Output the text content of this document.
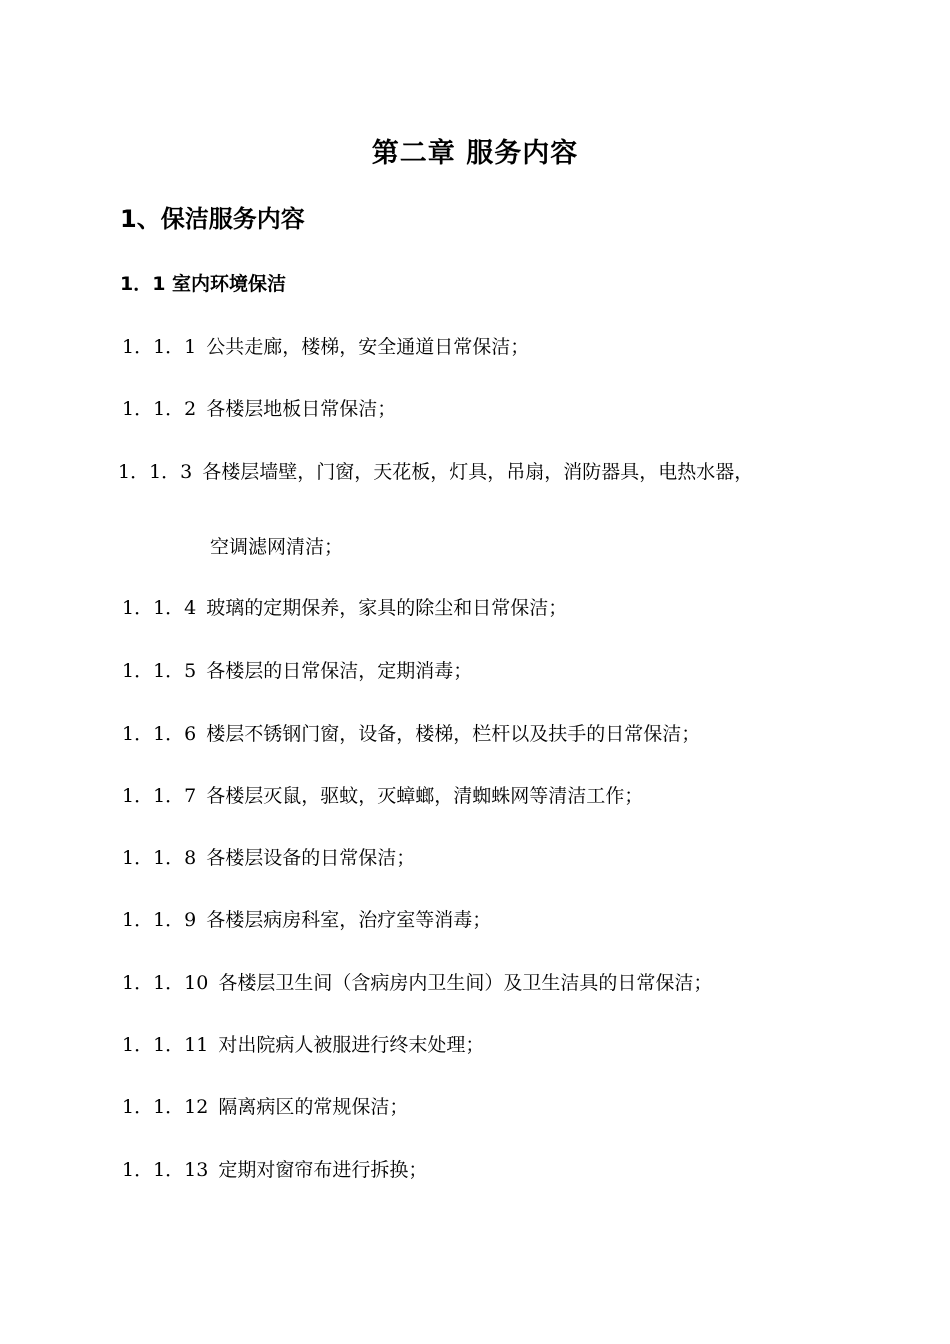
第二章 服务内容
1、保洁服务内容
1．1 室内环境保洁
1．1．1 公共走廊，楼梯，安全通道日常保洁；
1．1．2 各楼层地板日常保洁；
1．1．3 各楼层墙壁，门窗，天花板，灯具，吊扇，消防器具，电热水器，
空调滤网清洁；
1．1．4 玻璃的定期保养，家具的除尘和日常保洁；
1．1．5 各楼层的日常保洁，定期消毒；
1．1．6 楼层不锈钢门窗，设备，楼梯，栏杆以及扶手的日常保洁；
1．1．7 各楼层灭鼠，驱蚊，灭蟑螂，清蜘蛛网等清洁工作；
1．1．8 各楼层设备的日常保洁；
1．1．9 各楼层病房科室，治疗室等消毒；
1．1．10 各楼层卫生间（含病房内卫生间）及卫生洁具的日常保洁；
1．1．11 对出院病人被服进行终末处理；
1．1．12 隔离病区的常规保洁；
1．1．13 定期对窗帘布进行拆换；
